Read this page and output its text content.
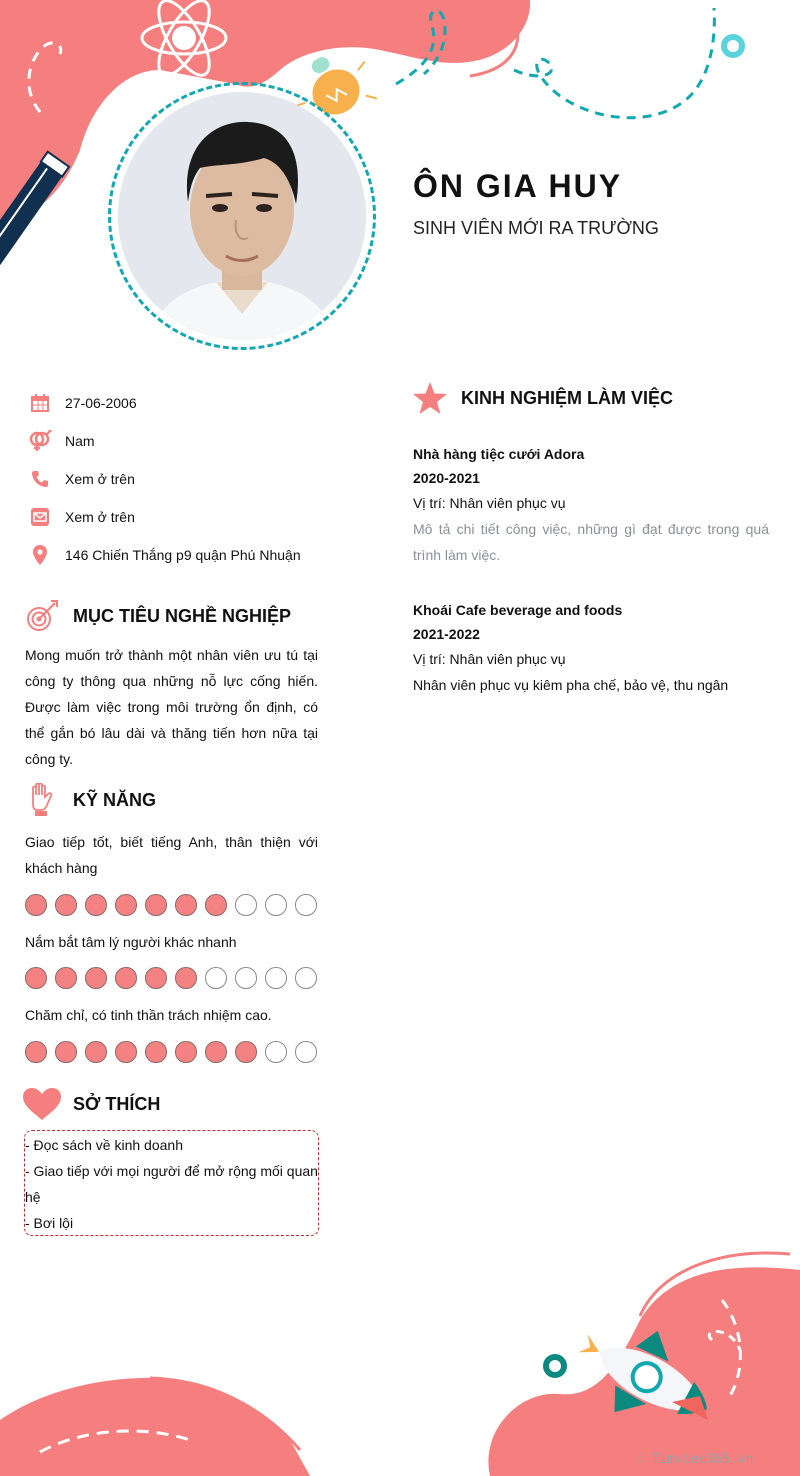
ÔN GIA HUY
SINH VIÊN MỚI RA TRƯỜNG
27-06-2006
Nam
Xem ở trên
Xem ở trên
146 Chiến Thắng p9 quận Phú Nhuận
MỤC TIÊU NGHỀ NGHIỆP
Mong muốn trở thành một nhân viên ưu tú tại công ty thông qua những nỗ lực cống hiến. Được làm việc trong môi trường ổn định, có thể gắn bó lâu dài và thăng tiến hơn nữa tại công ty.
KỸ NĂNG
Giao tiếp tốt, biết tiếng Anh, thân thiện với khách hàng
Nắm bắt tâm lý người khác nhanh
Chăm chỉ, có tinh thần trách nhiệm cao.
SỞ THÍCH

- Đọc sách về kinh doanh

- Giao tiếp với mọi người để mở rộng mối quan hệ

- Bơi lội

KINH NGHIỆM LÀM VIỆC
Nhà hàng tiệc cưới Adora
2020-2021
Vị trí: Nhân viên phục vụ
Mô tả chi tiết công việc, những gì đạt được trong quá trình làm việc.
Khoái Cafe beverage and foods
2021-2022
Vị trí: Nhân viên phục vụ
Nhân viên phục vụ kiêm pha chế, bảo vệ, thu ngân
∴ Timviec365.vn
